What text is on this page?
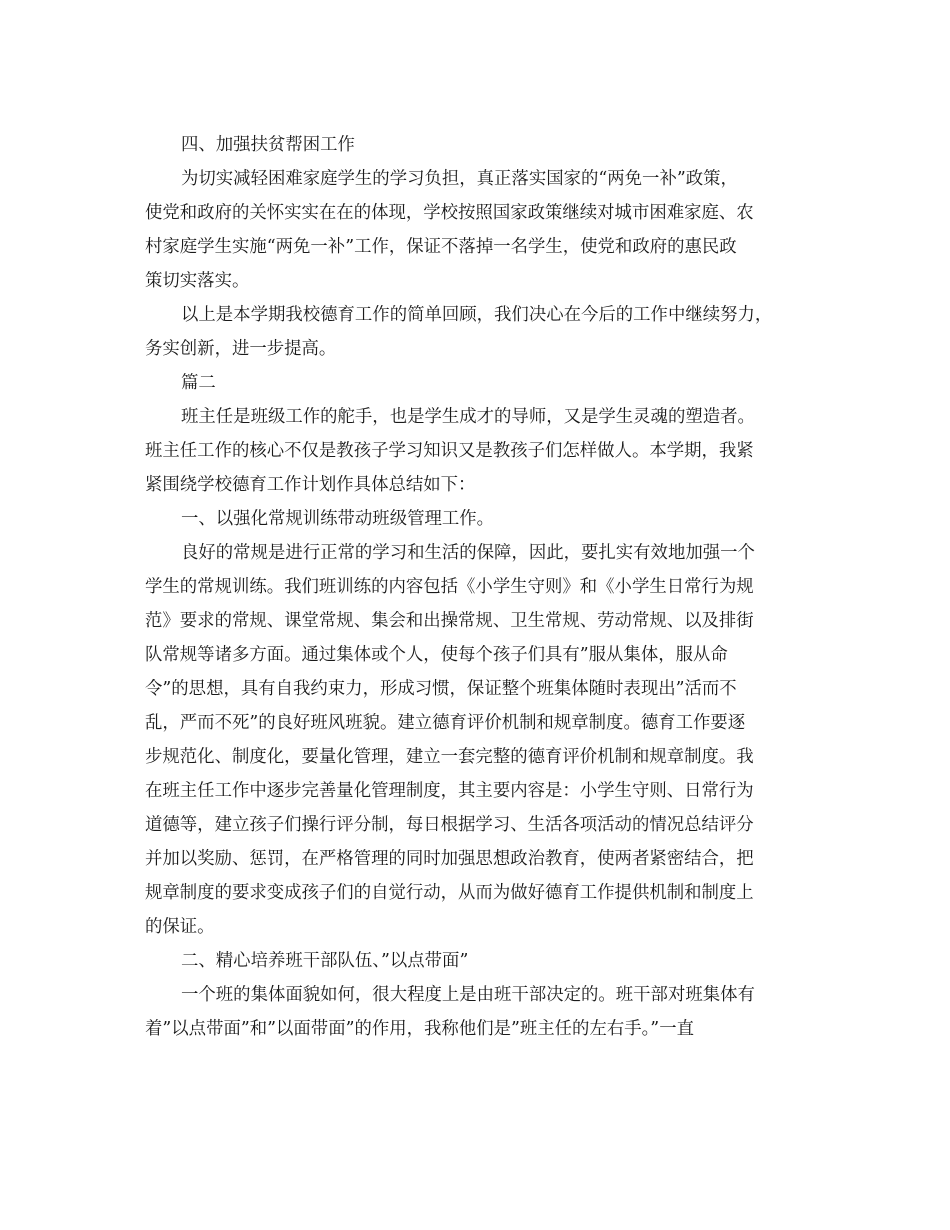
四、加强扶贫帮困工作

为切实减轻困难家庭学生的学习负担，真正落实国家的“两免一补”政策，

使党和政府的关怀实实在在的体现，学校按照国家政策继续对城市困难家庭、农

村家庭学生实施“两免一补”工作，保证不落掉一名学生，使党和政府的惠民政

策切实落实。

以上是本学期我校德育工作的简单回顾，我们决心在今后的工作中继续努力，

务实创新，进一步提高。

篇二

班主任是班级工作的舵手，也是学生成才的导师，又是学生灵魂的塑造者。

班主任工作的核心不仅是教孩子学习知识又是教孩子们怎样做人。本学期，我紧

紧围绕学校德育工作计划作具体总结如下：

一、以强化常规训练带动班级管理工作。

良好的常规是进行正常的学习和生活的保障，因此，要扎实有效地加强一个

学生的常规训练。我们班训练的内容包括《小学生守则》和《小学生日常行为规

范》要求的常规、课堂常规、集会和出操常规、卫生常规、劳动常规、以及排街

队常规等诸多方面。通过集体或个人，使每个孩子们具有”服从集体，服从命

令”的思想，具有自我约束力，形成习惯，保证整个班集体随时表现出”活而不

乱，严而不死”的良好班风班貌。建立德育评价机制和规章制度。德育工作要逐

步规范化、制度化，要量化管理，建立一套完整的德育评价机制和规章制度。我

在班主任工作中逐步完善量化管理制度，其主要内容是：小学生守则、日常行为

道德等，建立孩子们操行评分制，每日根据学习、生活各项活动的情况总结评分

并加以奖励、惩罚，在严格管理的同时加强思想政治教育，使两者紧密结合，把

规章制度的要求变成孩子们的自觉行动，从而为做好德育工作提供机制和制度上

的保证。

二、精心培养班干部队伍、”以点带面”

一个班的集体面貌如何，很大程度上是由班干部决定的。班干部对班集体有

着”以点带面”和”以面带面”的作用，我称他们是”班主任的左右手。”一直
